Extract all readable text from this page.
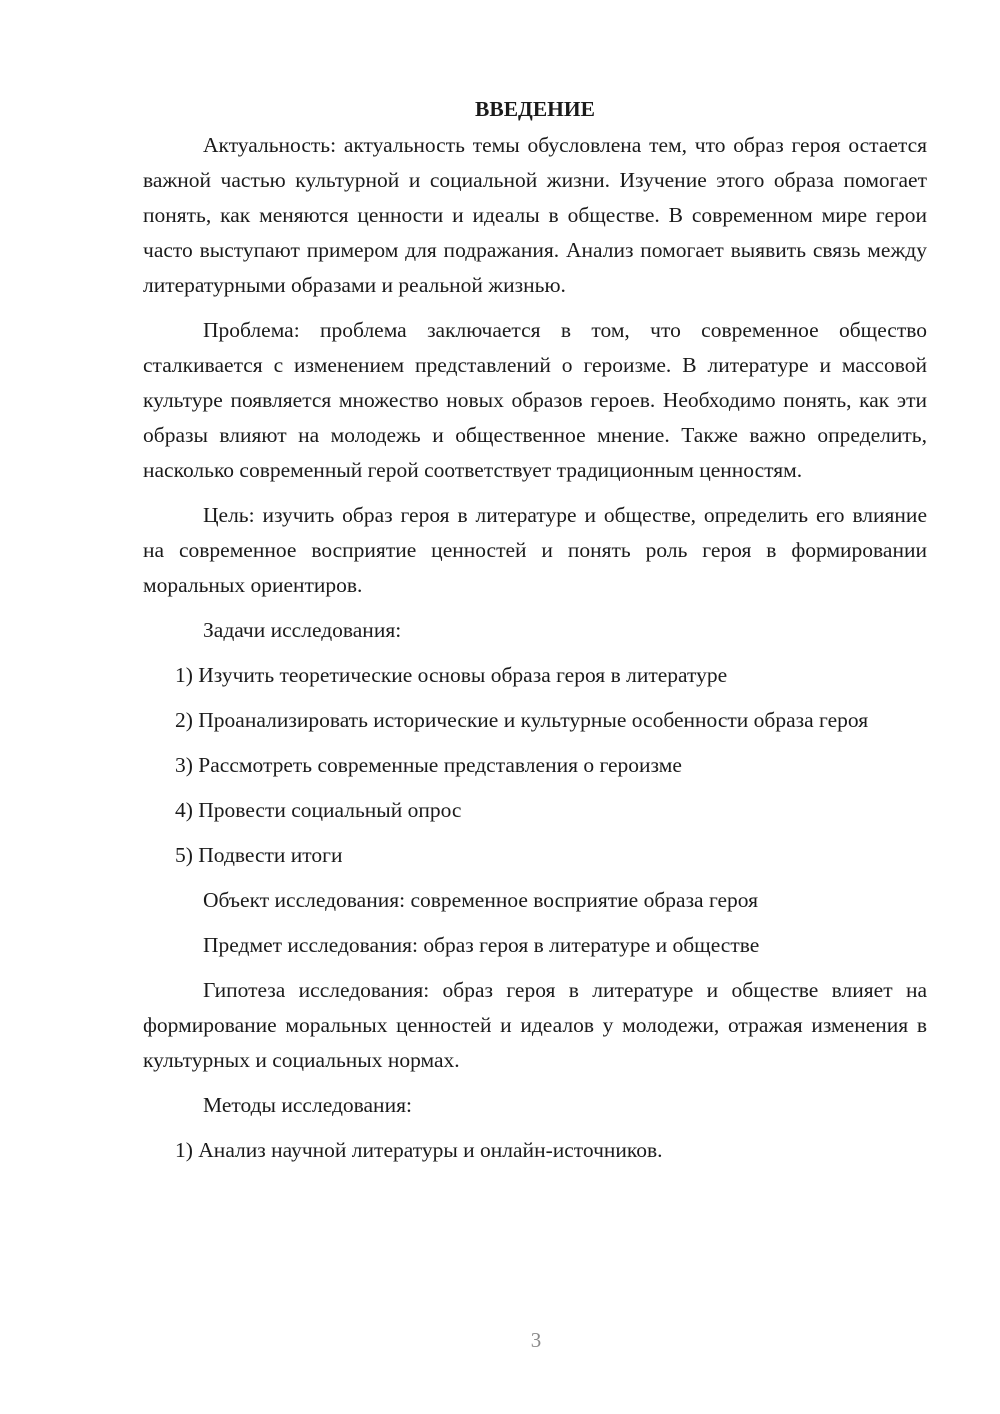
ВВЕДЕНИЕ

Актуальность: актуальность темы обусловлена тем, что образ героя остается важной частью культурной и социальной жизни. Изучение этого образа помогает понять, как меняются ценности и идеалы в обществе. В современном мире герои часто выступают примером для подражания. Анализ помогает выявить связь между литературными образами и реальной жизнью.

Проблема: проблема заключается в том, что современное общество сталкивается с изменением представлений о героизме. В литературе и массовой культуре появляется множество новых образов героев. Необходимо понять, как эти образы влияют на молодежь и общественное мнение. Также важно определить, насколько современный герой соответствует традиционным ценностям.

Цель: изучить образ героя в литературе и обществе, определить его влияние на современное восприятие ценностей и понять роль героя в формировании моральных ориентиров.

Задачи исследования:

1) Изучить теоретические основы образа героя в литературе

2) Проанализировать исторические и культурные особенности образа героя

3) Рассмотреть современные представления о героизме

4) Провести социальный опрос

5) Подвести итоги

Объект исследования: современное восприятие образа героя

Предмет исследования: образ героя в литературе и обществе

Гипотеза исследования: образ героя в литературе и обществе влияет на формирование моральных ценностей и идеалов у молодежи, отражая изменения в культурных и социальных нормах.

Методы исследования:

1) Анализ научной литературы и онлайн-источников.

3
